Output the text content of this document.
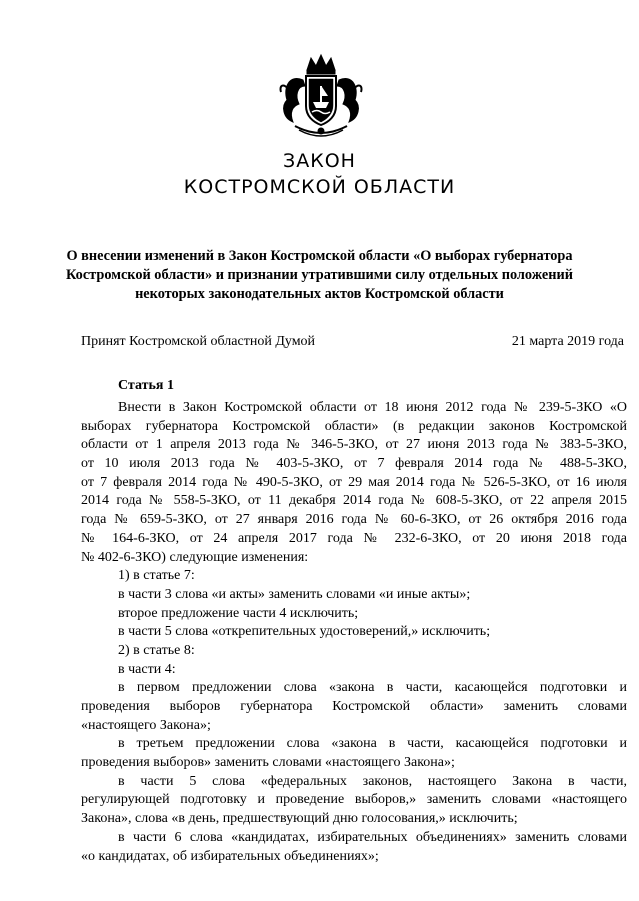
ЗАКОН
КОСТРОМСКОЙ ОБЛАСТИ
О внесении изменений в Закон Костромской области «О выборах губернатора
Костромской области» и признании утратившими силу отдельных положений
некоторых законодательных актов Костромской области
Принят Костромской областной Думой	21 марта 2019 года
Статья 1
Внести в Закон Костромской области от 18 июня 2012 года № 239-5-ЗКО «О
выборах губернатора Костромской области» (в редакции законов Костромской
области от 1 апреля 2013 года № 346-5-ЗКО, от 27 июня 2013 года № 383-5-ЗКО,
от 10 июля 2013 года № 403-5-ЗКО, от 7 февраля 2014 года № 488-5-ЗКО,
от 7 февраля 2014 года № 490-5-ЗКО, от 29 мая 2014 года № 526-5-ЗКО, от 16 июля
2014 года № 558-5-ЗКО, от 11 декабря 2014 года № 608-5-ЗКО, от 22 апреля 2015
года № 659-5-ЗКО, от 27 января 2016 года № 60-6-ЗКО, от 26 октября 2016 года
№ 164-6-ЗКО, от 24 апреля 2017 года № 232-6-ЗКО, от 20 июня 2018 года
№ 402-6-ЗКО) следующие изменения:
1) в статье 7:
в части 3 слова «и акты» заменить словами «и иные акты»;
второе предложение части 4 исключить;
в части 5 слова «открепительных удостоверений,» исключить;
2) в статье 8:
в части 4:
в первом предложении слова «закона в части, касающейся подготовки и
проведения выборов губернатора Костромской области» заменить словами
«настоящего Закона»;
в третьем предложении слова «закона в части, касающейся подготовки и
проведения выборов» заменить словами «настоящего Закона»;
в части 5 слова «федеральных законов, настоящего Закона в части,
регулирующей подготовку и проведение выборов,» заменить словами «настоящего
Закона», слова «в день, предшествующий дню голосования,» исключить;
в части 6 слова «кандидатах, избирательных объединениях» заменить словами
«о кандидатах, об избирательных объединениях»;
